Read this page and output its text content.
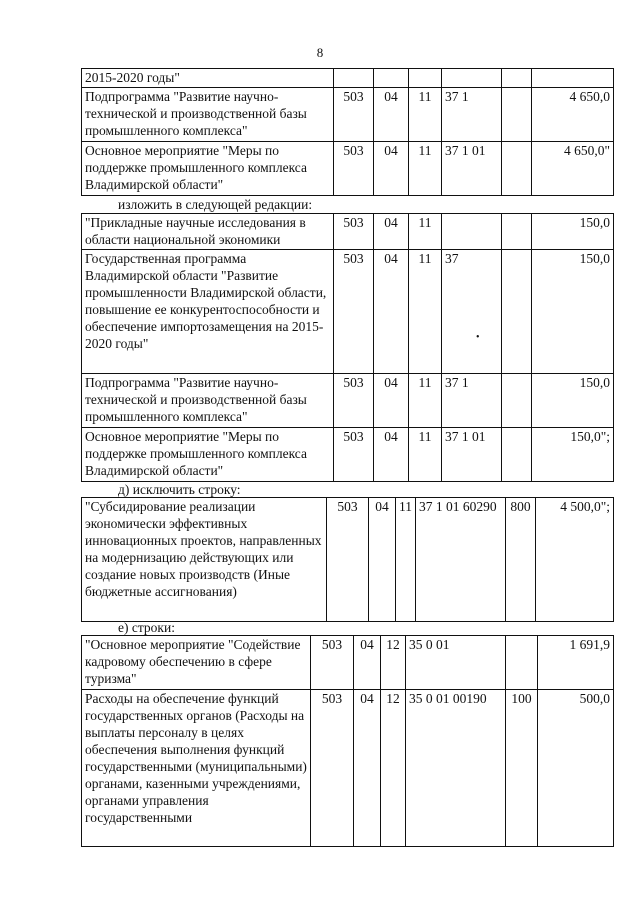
8
2015-2020 годы"						
Подпрограмма "Развитие научно-технической и производственной базы промышленного комплекса"	503	04	11	37 1		4 650,0
Основное мероприятие "Меры по поддержке промышленного комплекса Владимирской области"	503	04	11	37 1 01		4 650,0"
изложить в следующей редакции:
"Прикладные научные исследования в области национальной экономики	503	04	11			150,0
Государственная программа Владимирской области "Развитие промышленности Владимирской области, повышение ее конкурентоспособности и обеспечение импортозамещения на 2015-2020 годы"	503	04	11	37		150,0
Подпрограмма "Развитие научно-технической и производственной базы промышленного комплекса"	503	04	11	37 1		150,0
Основное мероприятие "Меры по поддержке промышленного комплекса Владимирской области"	503	04	11	37 1 01		150,0";
•
д) исключить строку:
"Субсидирование реализации экономически эффективных инновационных проектов, направленных на модернизацию действующих или создание новых производств (Иные бюджетные ассигнования)	503	04	11	37 1 01 60290	800	4 500,0";
е) строки:
"Основное мероприятие "Содействие кадровому обеспечению в сфере туризма"	503	04	12	35 0 01		1 691,9
Расходы на обеспечение функций государственных органов (Расходы на выплаты персоналу в целях обеспечения выполнения функций государственными (муниципальными) органами, казенными учреждениями, органами управления государственными	503	04	12	35 0 01 00190	100	500,0
